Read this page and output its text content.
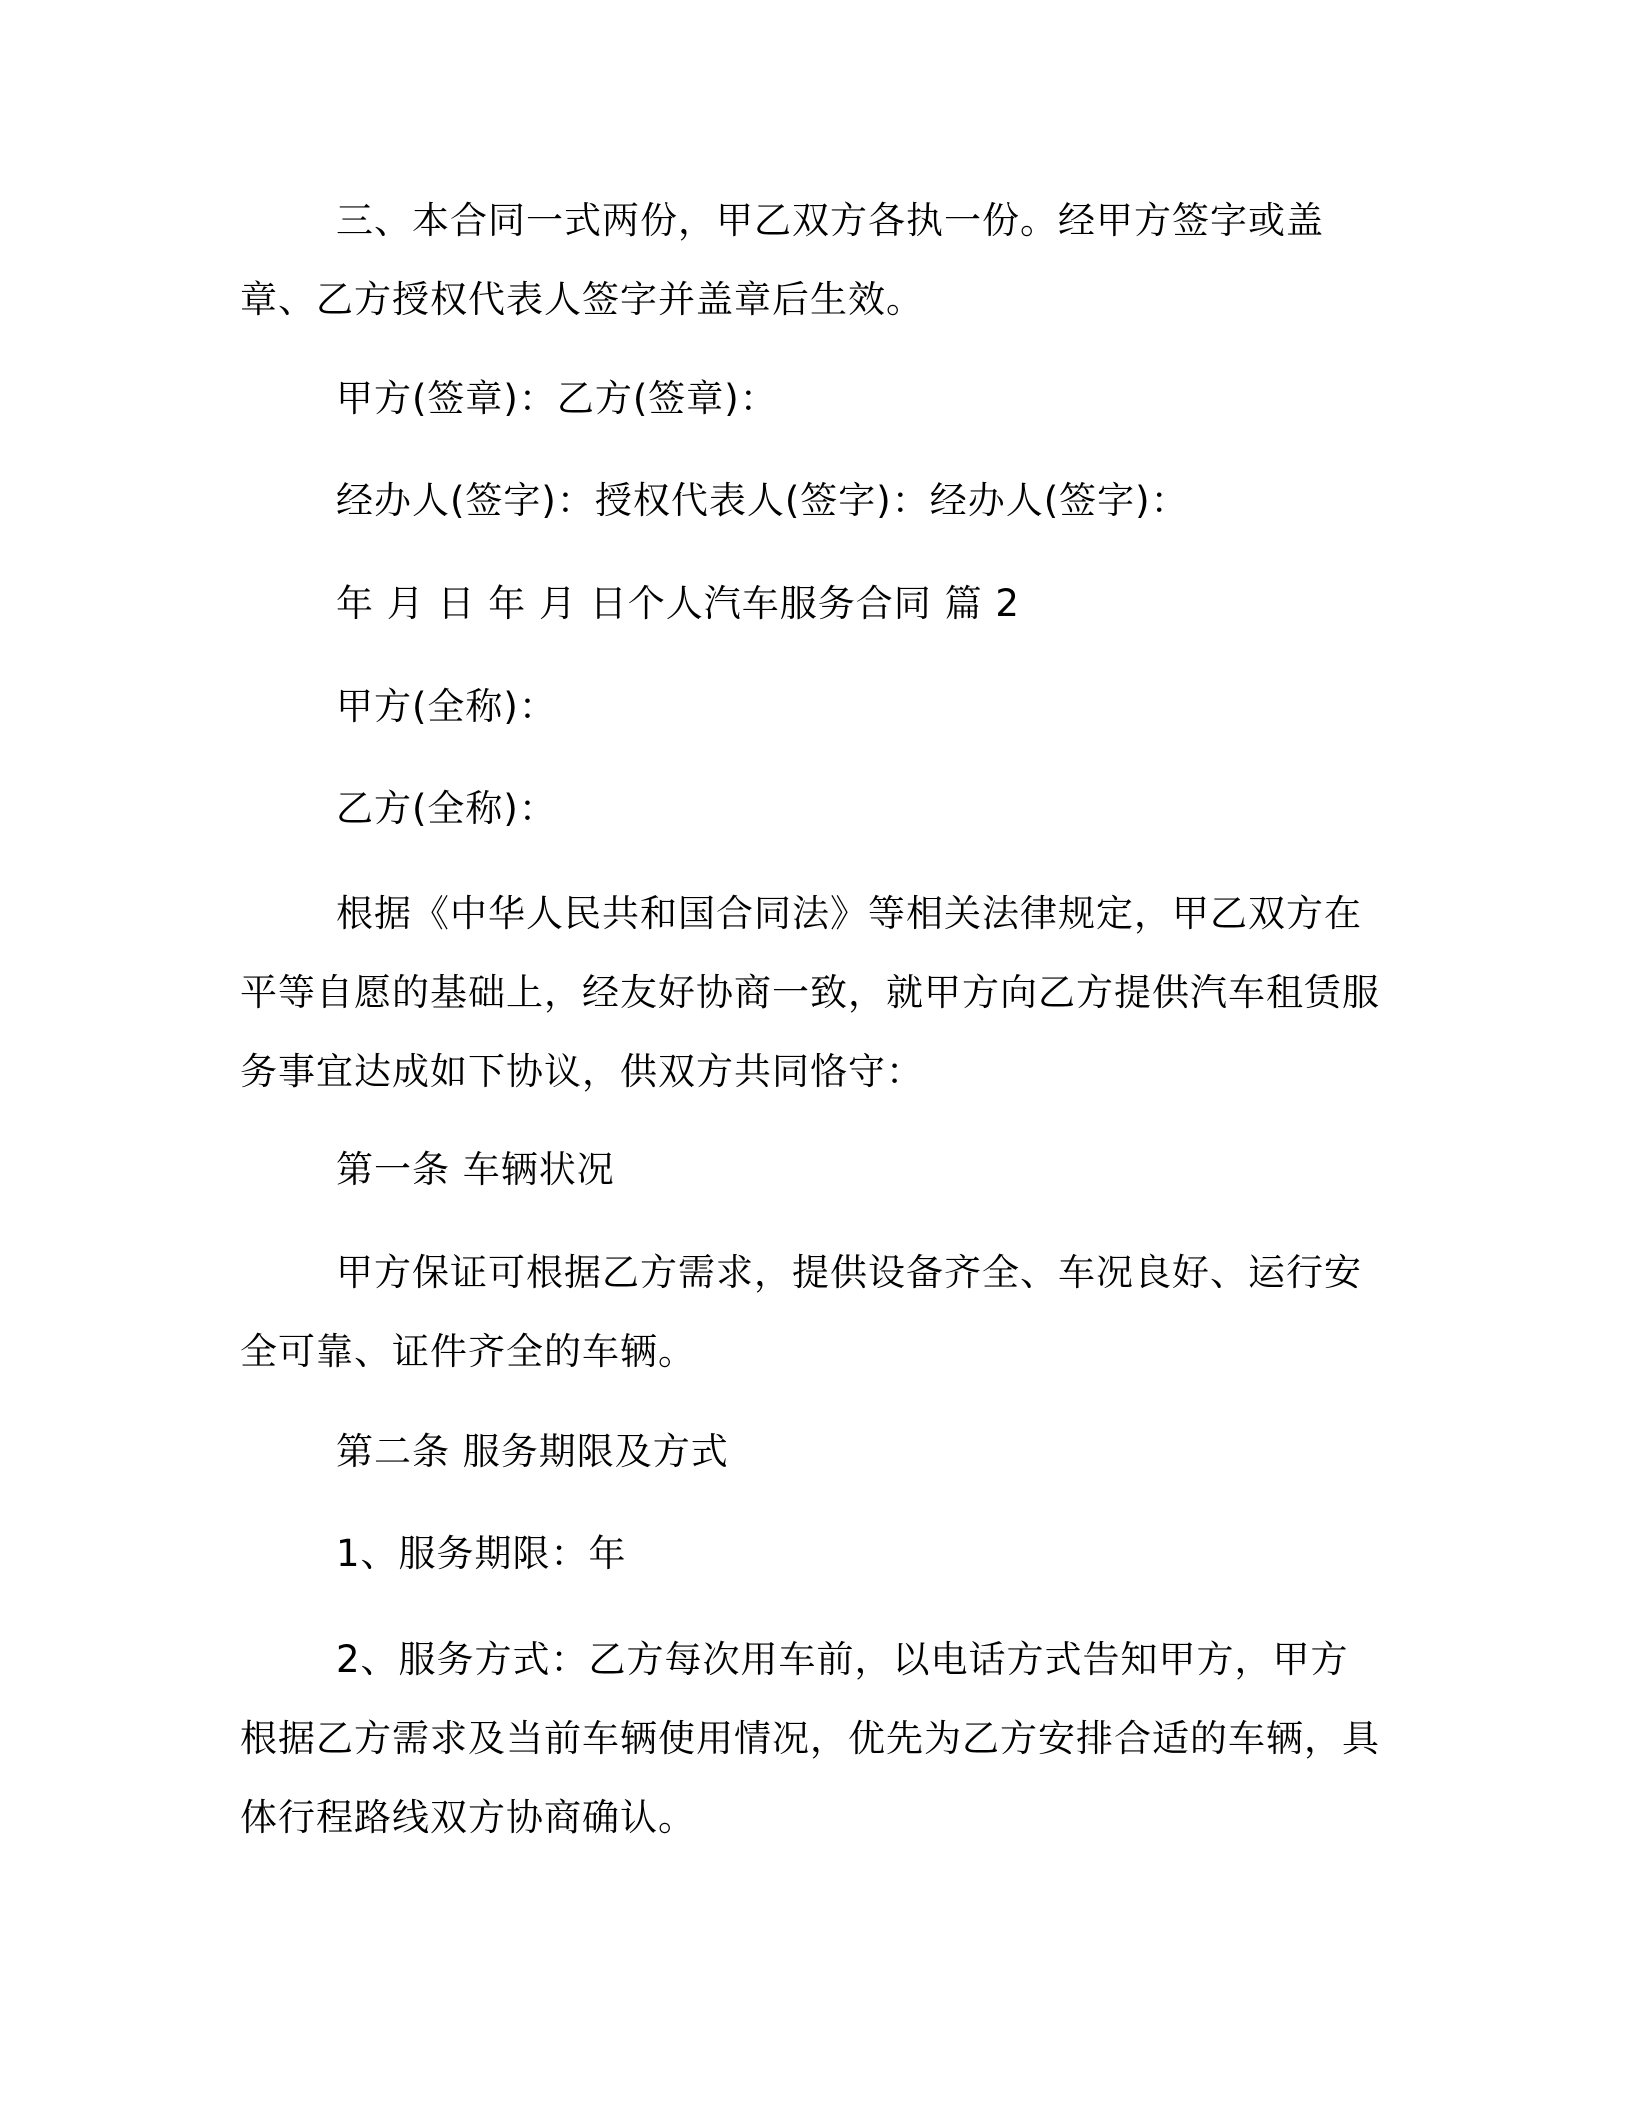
三、本合同一式两份，甲乙双方各执一份。经甲方签字或盖章、乙方授权代表人签字并盖章后生效。

甲方(签章)：乙方(签章)：

经办人(签字)：授权代表人(签字)：经办人(签字)：

年 月 日 年 月 日个人汽车服务合同 篇 2

甲方(全称)：

乙方(全称)：

根据《中华人民共和国合同法》等相关法律规定，甲乙双方在平等自愿的基础上，经友好协商一致，就甲方向乙方提供汽车租赁服务事宜达成如下协议，供双方共同恪守：

第一条 车辆状况

甲方保证可根据乙方需求，提供设备齐全、车况良好、运行安全可靠、证件齐全的车辆。

第二条 服务期限及方式

1、服务期限：年

2、服务方式：乙方每次用车前，以电话方式告知甲方，甲方根据乙方需求及当前车辆使用情况，优先为乙方安排合适的车辆，具体行程路线双方协商确认。
